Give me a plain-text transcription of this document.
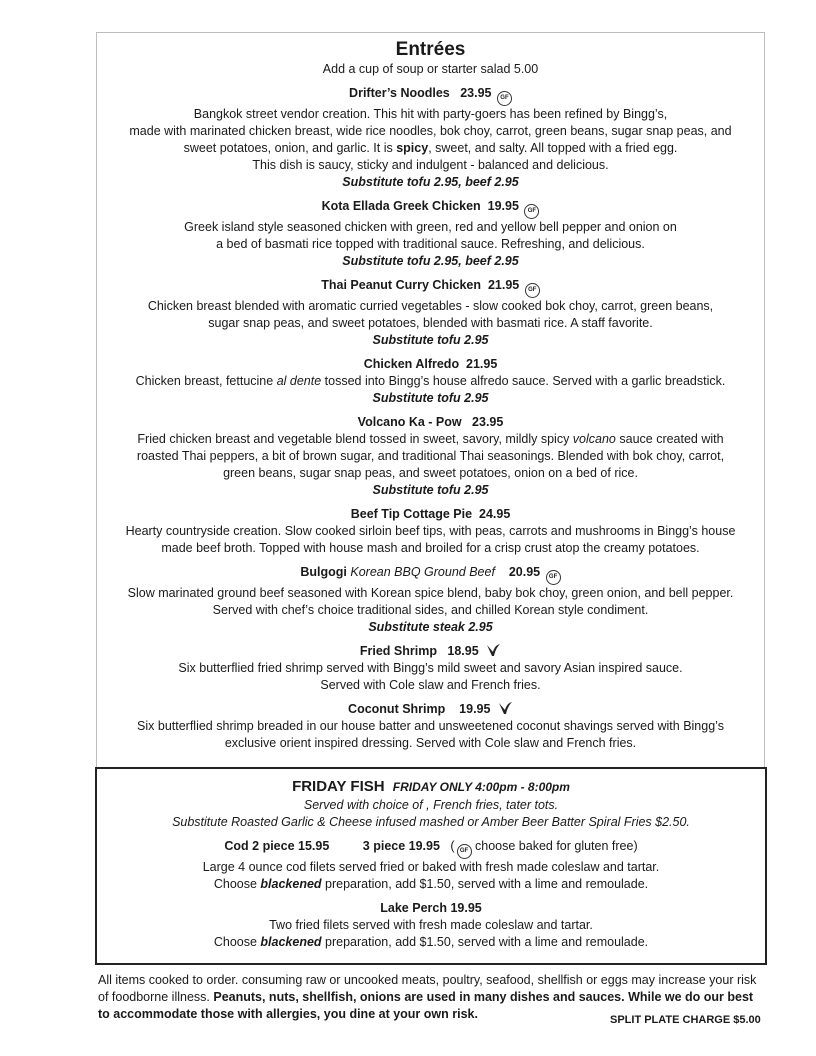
Entrées
Add a cup of soup or starter salad 5.00
Drifter’s Noodles 23.95 GF
Bangkok street vendor creation. This hit with party-goers has been refined by Bingg’s,
made with marinated chicken breast, wide rice noodles, bok choy, carrot, green beans, sugar snap peas, and
sweet potatoes, onion, and garlic. It is spicy, sweet, and salty. All topped with a fried egg.
This dish is saucy, sticky and indulgent - balanced and delicious.
Substitute tofu 2.95, beef 2.95
Kota Ellada Greek Chicken 19.95 GF
Greek island style seasoned chicken with green, red and yellow bell pepper and onion on
a bed of basmati rice topped with traditional sauce. Refreshing, and delicious.
Substitute tofu 2.95, beef 2.95
Thai Peanut Curry Chicken 21.95 GF
Chicken breast blended with aromatic curried vegetables - slow cooked bok choy, carrot, green beans,
sugar snap peas, and sweet potatoes, blended with basmati rice. A staff favorite.
Substitute tofu 2.95
Chicken Alfredo 21.95
Chicken breast, fettucine al dente tossed into Bingg’s house alfredo sauce. Served with a garlic breadstick.
Substitute tofu 2.95
Volcano Ka - Pow 23.95
Fried chicken breast and vegetable blend tossed in sweet, savory, mildly spicy volcano sauce created with
roasted Thai peppers, a bit of brown sugar, and traditional Thai seasonings. Blended with bok choy, carrot,
green beans, sugar snap peas, and sweet potatoes, onion on a bed of rice.
Substitute tofu 2.95
Beef Tip Cottage Pie 24.95
Hearty countryside creation. Slow cooked sirloin beef tips, with peas, carrots and mushrooms in Bingg’s house
made beef broth. Topped with house mash and broiled for a crisp crust atop the creamy potatoes.
Bulgogi Korean BBQ Ground Beef 20.95 GF
Slow marinated ground beef seasoned with Korean spice blend, baby bok choy, green onion, and bell pepper.
Served with chef’s choice traditional sides, and chilled Korean style condiment.
Substitute steak 2.95
Fried Shrimp 18.95
Six butterflied fried shrimp served with Bingg’s mild sweet and savory Asian inspired sauce.
Served with Cole slaw and French fries.
Coconut Shrimp 19.95
Six butterflied shrimp breaded in our house batter and unsweetened coconut shavings served with Bingg’s
exclusive orient inspired dressing. Served with Cole slaw and French fries.
FRIDAY FISH FRIDAY ONLY 4:00pm - 8:00pm
Served with choice of , French fries, tater tots.
Substitute Roasted Garlic & Cheese infused mashed or Amber Beer Batter Spiral Fries $2.50.
Cod 2 piece 15.95	3 piece 19.95 ( GF choose baked for gluten free)
Large 4 ounce cod filets served fried or baked with fresh made coleslaw and tartar.
Choose blackened preparation, add $1.50, served with a lime and remoulade.
Lake Perch 19.95
Two fried filets served with fresh made coleslaw and tartar.
Choose blackened preparation, add $1.50, served with a lime and remoulade.
All items cooked to order. consuming raw or uncooked meats, poultry, seafood, shellfish or eggs may increase your risk of foodborne illness. Peanuts, nuts, shellfish, onions are used in many dishes and sauces. While we do our best to accommodate those with allergies, you dine at your own risk.	SPLIT PLATE CHARGE $5.00
